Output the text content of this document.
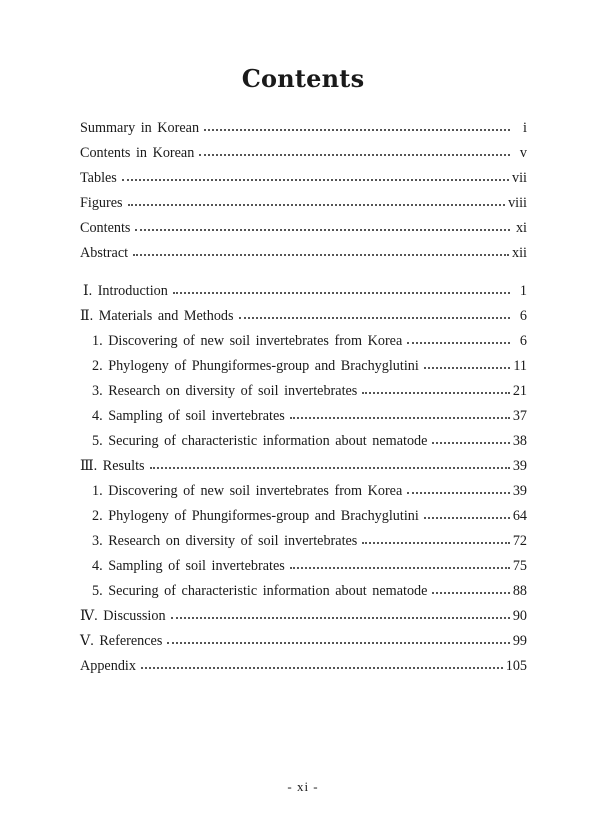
Contents
Summary in Korean	i
Contents in Korean	v
Tables	vii
Figures	viii
Contents	xi
Abstract	xii
Ⅰ. Introduction	1
Ⅱ. Materials and Methods	6
1. Discovering of new soil invertebrates from Korea	6
2. Phylogeny of Phungiformes-group and Brachyglutini	11
3. Research on diversity of soil invertebrates	21
4. Sampling of soil invertebrates	37
5. Securing of characteristic information about nematode	38
Ⅲ. Results	39
1. Discovering of new soil invertebrates from Korea	39
2. Phylogeny of Phungiformes-group and Brachyglutini	64
3. Research on diversity of soil invertebrates	72
4. Sampling of soil invertebrates	75
5. Securing of characteristic information about nematode	88
Ⅳ. Discussion	90
Ⅴ. References	99
Appendix	105
- xi -
